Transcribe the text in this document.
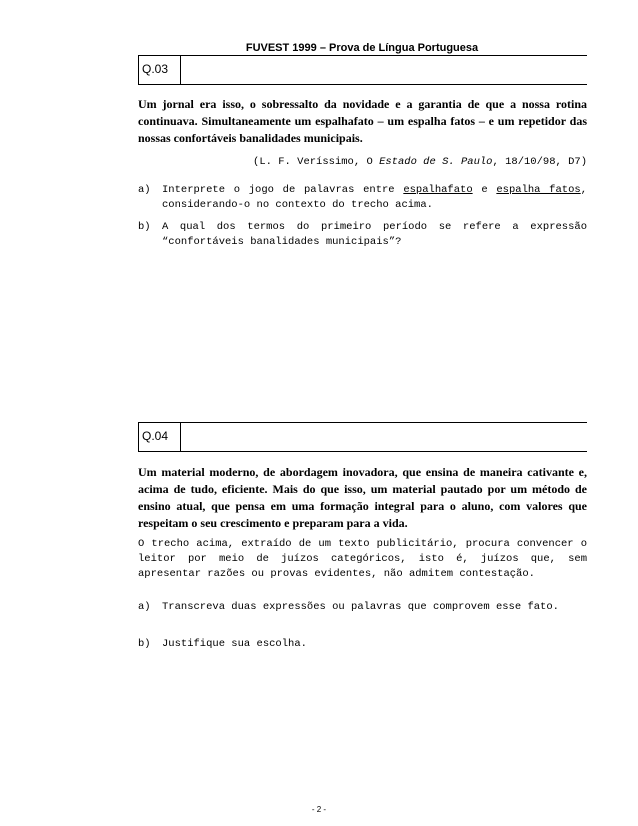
FUVEST 1999 – Prova de Língua Portuguesa
Q.03
Um jornal era isso, o sobressalto da novidade e a garantia de que a nossa rotina continuava. Simultaneamente um espalhafato – um espalha fatos – e um repetidor das nossas confortáveis banalidades municipais.
(L. F. Veríssimo, O Estado de S. Paulo, 18/10/98, D7)
a) Interprete o jogo de palavras entre espalhafato e espalha fatos, considerando-o no contexto do trecho acima.
b) A qual dos termos do primeiro período se refere a expressão “confortáveis banalidades municipais”?
Q.04
Um material moderno, de abordagem inovadora, que ensina de maneira cativante e, acima de tudo, eficiente. Mais do que isso, um material pautado por um método de ensino atual, que pensa em uma formação integral para o aluno, com valores que respeitam o seu crescimento e preparam para a vida.
O trecho acima, extraído de um texto publicitário, procura convencer o leitor por meio de juízos categóricos, isto é, juízos que, sem apresentar razões ou provas evidentes, não admitem contestação.
a) Transcreva duas expressões ou palavras que comprovem esse fato.
b) Justifique sua escolha.
- 2 -
